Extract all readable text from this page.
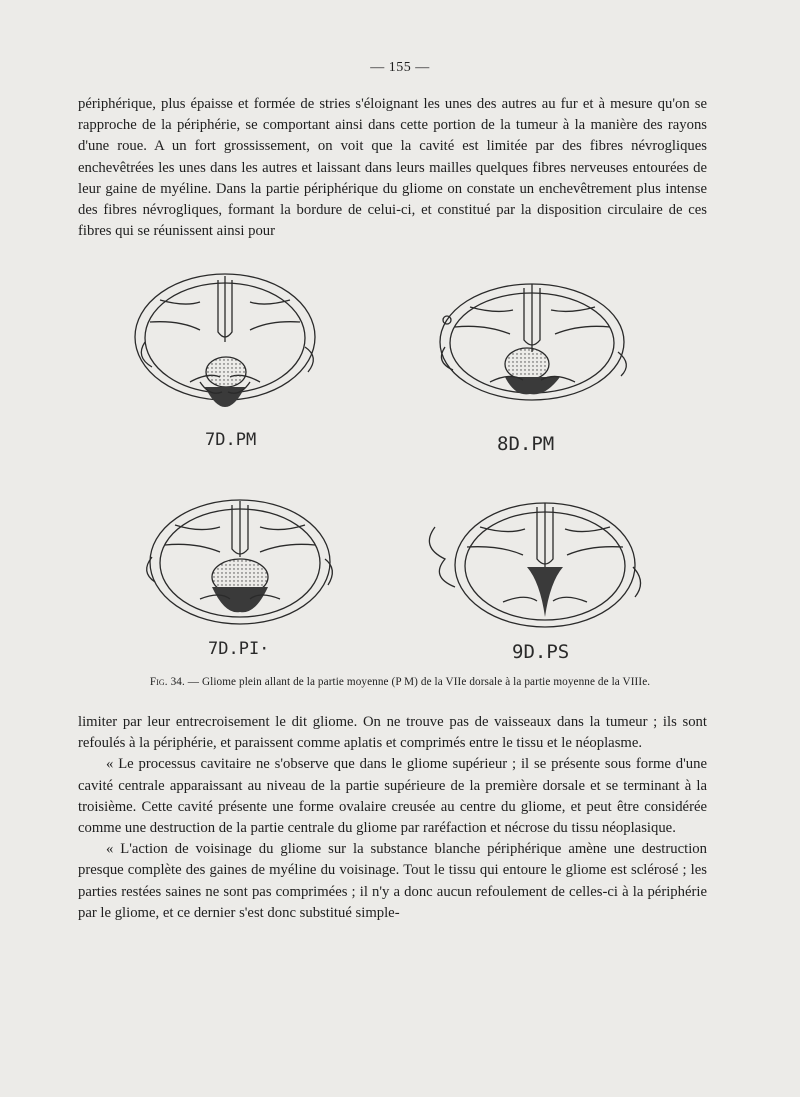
— 155 —

périphérique, plus épaisse et formée de stries s'éloignant les unes des autres au fur et à mesure qu'on se rapproche de la périphérie, se comportant ainsi dans cette portion de la tumeur à la manière des rayons d'une roue. A un fort grossissement, on voit que la cavité est limitée par des fibres névrogliques enchevêtrées les unes dans les autres et laissant dans leurs mailles quelques fibres nerveuses entourées de leur gaine de myéline. Dans la partie périphérique du gliome on constate un enchevêtrement plus intense des fibres névrogliques, formant la bordure de celui-ci, et constitué par la disposition circulaire de ces fibres qui se réunissent ainsi pour

7D.PM	8D.PM
7D.PI·	9D.PS
Fig. 34. — Gliome plein allant de la partie moyenne (P M) de la VIIe dorsale à la partie moyenne de la VIIIe.

limiter par leur entrecroisement le dit gliome. On ne trouve pas de vaisseaux dans la tumeur ; ils sont refoulés à la périphérie, et paraissent comme aplatis et comprimés entre le tissu et le néoplasme.

« Le processus cavitaire ne s'observe que dans le gliome supérieur ; il se présente sous forme d'une cavité centrale apparaissant au niveau de la partie supérieure de la première dorsale et se terminant à la troisième. Cette cavité présente une forme ovalaire creusée au centre du gliome, et peut être considérée comme une destruction de la partie centrale du gliome par raréfaction et nécrose du tissu néoplasique.

« L'action de voisinage du gliome sur la substance blanche périphérique amène une destruction presque complète des gaines de myéline du voisinage. Tout le tissu qui entoure le gliome est sclérosé ; les parties restées saines ne sont pas comprimées ; il n'y a donc aucun refoulement de celles-ci à la périphérie par le gliome, et ce dernier s'est donc substitué simple-
